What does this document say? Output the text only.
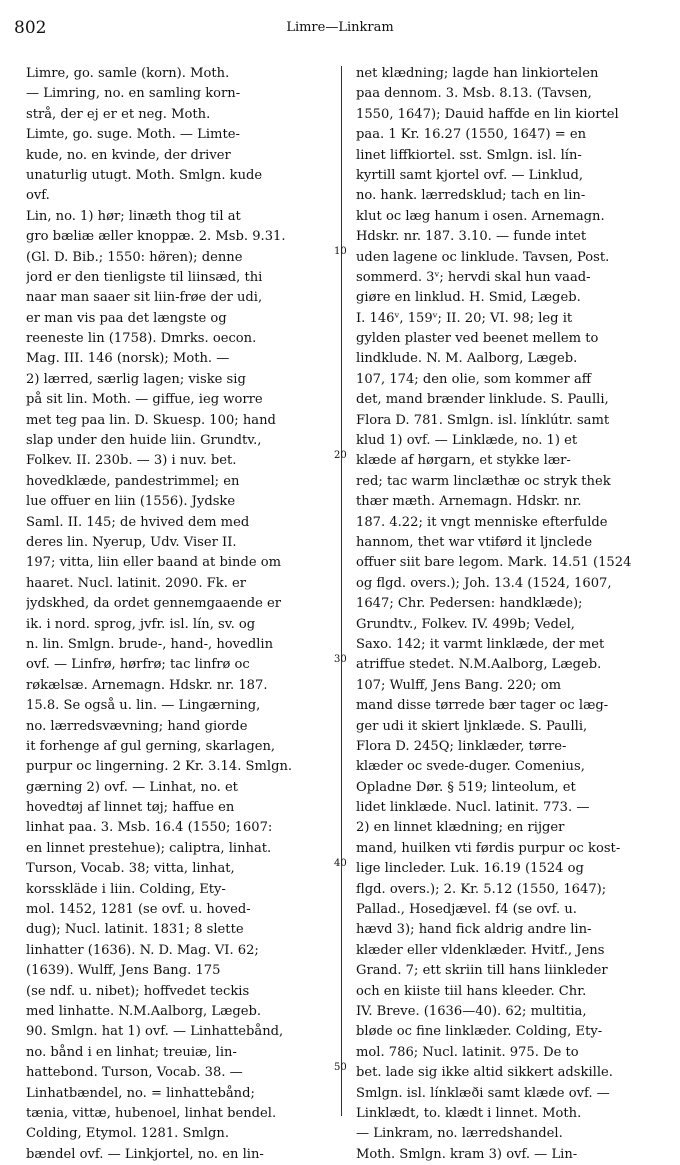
802	Limre—Linkram
10
20
30
40
50
Limre, go. samle (korn). Moth.
— Limring, no. en samling korn-
strå, der ej er et neg. Moth.
Limte, go. suge. Moth. — Limte-
kude, no. en kvinde, der driver
unaturlig utugt. Moth. Smlgn. kude
ovf.
Lin, no. 1) hør; linæth thog til at
gro bæliæ æller knoppæ. 2. Msb. 9.31.
(Gl. D. Bib.; 1550: hø̈ren); denne
jord er den tienligste til liinsæd, thi
naar man saaer sit liin-frøe der udi,
er man vis paa det længste og
reeneste lin (1758). Dmrks. oecon.
Mag. III. 146 (norsk); Moth. —
2) lærred, særlig lagen; viske sig
på sit lin. Moth. — giffue, ieg worre
met teg paa lin. D. Skuesp. 100; hand
slap under den huide liin. Grundtv.,
Folkev. II. 230b. — 3) i nuv. bet.
hovedklæde, pandestrimmel; en
lue offuer en liin (1556). Jydske
Saml. II. 145; de hvived dem med
deres lin. Nyerup, Udv. Viser II.
197; vitta, liin eller baand at binde om
haaret. Nucl. latinit. 2090. Fk. er
jydskhed, da ordet gennemgaaende er
ik. i nord. sprog, jvfr. isl. lín, sv. og
n. lin. Smlgn. brude-, hand-, hovedlin
ovf. — Linfrø, hørfrø; tac linfrø oc
røkælsæ. Arnemagn. Hdskr. nr. 187.
15.8. Se også u. lin. — Lingærning,
no. lærredsvævning; hand giorde
it forhenge af gul gerning, skarlagen,
purpur oc lingerning. 2 Kr. 3.14. Smlgn.
gærning 2) ovf. — Linhat, no. et
hovedtøj af linnet tøj; haffue en
linhat paa. 3. Msb. 16.4 (1550; 1607:
en linnet prestehue); caliptra, linhat.
Turson, Vocab. 38; vitta, linhat,
korsskläde i liin. Colding, Ety-
mol. 1452, 1281 (se ovf. u. hoved-
dug); Nucl. latinit. 1831; 8 slette
linhatter (1636). N. D. Mag. VI. 62;
(1639). Wulff, Jens Bang. 175
(se ndf. u. nibet); hoffvedet teckis
med linhatte. N.M.Aalborg, Lægeb.
90. Smlgn. hat 1) ovf. — Linhattebånd,
no. bånd i en linhat; treuiæ, lin-
hattebond. Turson, Vocab. 38. —
Linhatbændel, no. = linhattebånd;
tænia, vittæ, hubenoel, linhat bendel.
Colding, Etymol. 1281. Smlgn.
bændel ovf. — Linkjortel, no. en lin-
net klædning; lagde han linkiortelen
paa dennom. 3. Msb. 8.13. (Tavsen,
1550, 1647); Dauid haffde en lin kiortel
paa. 1 Kr. 16.27 (1550, 1647) = en
linet liffkiortel. sst. Smlgn. isl. lín-
kyrtill samt kjortel ovf. — Linklud,
no. hank. lærredsklud; tach en lin-
klut oc læg hanum i osen. Arnemagn.
Hdskr. nr. 187. 3.10. — funde intet
uden lagene oc linklude. Tavsen, Post.
sommerd. 3ᵛ; hervdi skal hun vaad-
giøre en linklud. H. Smid, Lægeb.
I. 146ᵛ, 159ᵛ; II. 20; VI. 98; leg it
gylden plaster ved beenet mellem to
lindklude. N. M. Aalborg, Lægeb.
107, 174; den olie, som kommer aff
det, mand brænder linklude. S. Paulli,
Flora D. 781. Smlgn. isl. línklútr. samt
klud 1) ovf. — Linklæde, no. 1) et
klæde af hørgarn, et stykke lær-
red; tac warm linclæthæ oc stryk thek
thær mæth. Arnemagn. Hdskr. nr.
187. 4.22; it vngt menniske efterfulde
hannom, thet war vtiførd it ljnclede
offuer siit bare legom. Mark. 14.51 (1524
og flgd. overs.); Joh. 13.4 (1524, 1607,
1647; Chr. Pedersen: handklæde);
Grundtv., Folkev. IV. 499b; Vedel,
Saxo. 142; it varmt linklæde, der met
atriffue stedet. N.M.Aalborg, Lægeb.
107; Wulff, Jens Bang. 220; om
mand disse tørrede bær tager oc læg-
ger udi it skiert ljnklæde. S. Paulli,
Flora D. 245Q; linklæder, tørre-
klæder oc svede-duger. Comenius,
Opladne Dør. § 519; linteolum, et
lidet linklæde. Nucl. latinit. 773. —
2) en linnet klædning; en rijger
mand, huilken vti førdis purpur oc kost-
lige lincleder. Luk. 16.19 (1524 og
flgd. overs.); 2. Kr. 5.12 (1550, 1647);
Pallad., Hosedjævel. f4 (se ovf. u.
hævd 3); hand fick aldrig andre lin-
klæder eller vldenklæder. Hvitf., Jens
Grand. 7; ett skriin till hans liinkleder
och en kiiste tiil hans kleeder. Chr.
IV. Breve. (1636—40). 62; multitia,
bløde oc fine linklæder. Colding, Ety-
mol. 786; Nucl. latinit. 975. De to
bet. lade sig ikke altid sikkert adskille.
Smlgn. isl. línklæði samt klæde ovf. —
Linklædt, to. klædt i linnet. Moth.
— Linkram, no. lærredshandel.
Moth. Smlgn. kram 3) ovf. — Lin-
